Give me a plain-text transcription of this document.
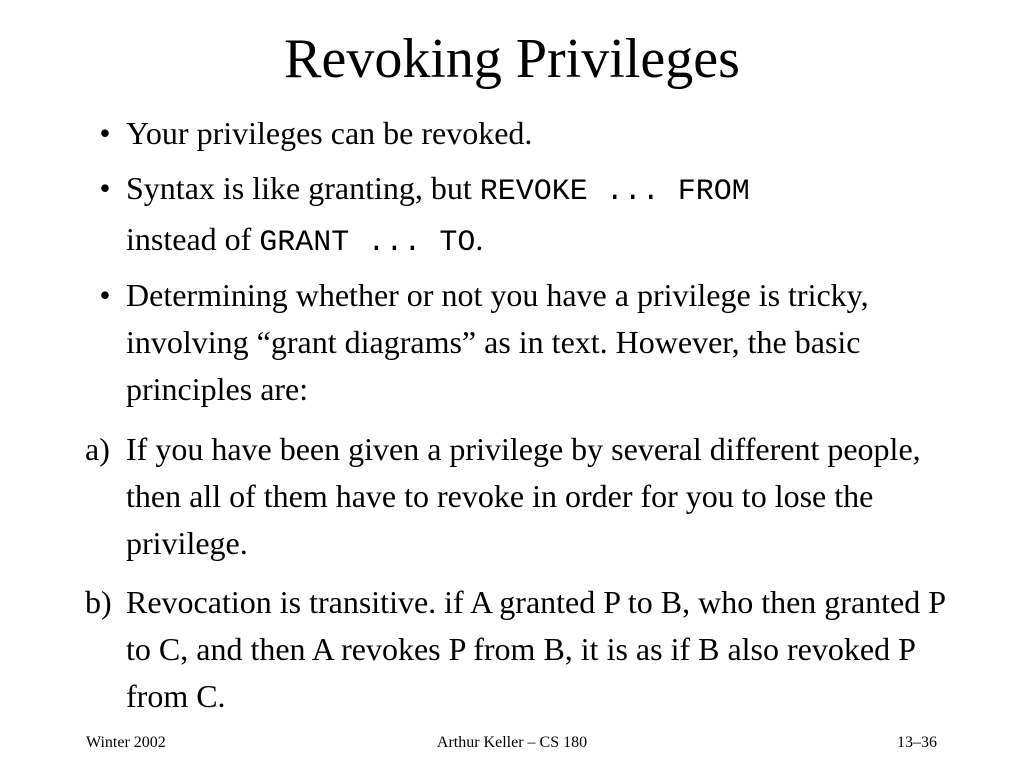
Revoking Privileges
• Your privileges can be revoked.
• Syntax is like granting, but REVOKE ... FROM
instead of GRANT ... TO.
• Determining whether or not you have a privilege is tricky, involving “grant diagrams” as in text. However, the basic principles are:
a) If you have been given a privilege by several different people, then all of them have to revoke in order for you to lose the privilege.
b) Revocation is transitive. if A granted P to B, who then granted P to C, and then A revokes P from B, it is as if B also revoked P from C.
Winter 2002	Arthur Keller – CS 180	13–36
